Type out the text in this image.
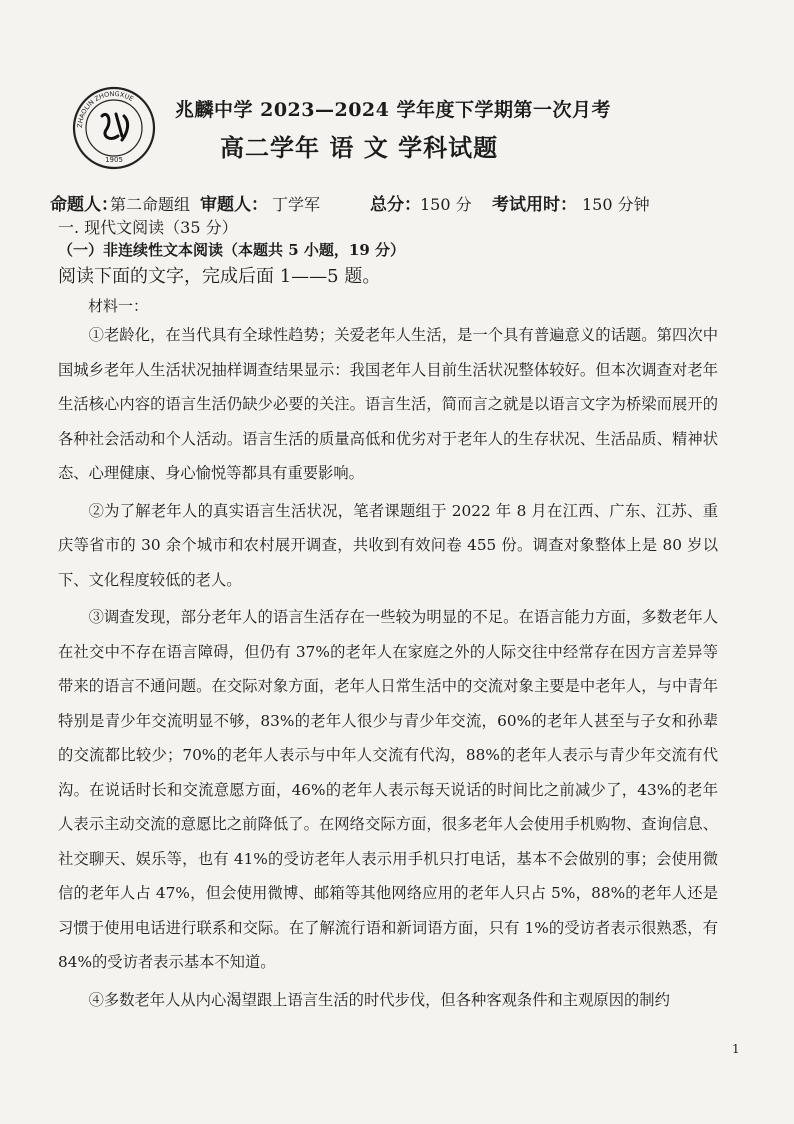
1905
ZHAOLIN ZHONGXUE
兆麟中学 2023—2024 学年度下学期第一次月考
高二学年 语 文 学科试题
命题人：第二命题组 审题人： 丁学军	总分：150 分 考试用时： 150 分钟
一. 现代文阅读（35 分）
（一）非连续性文本阅读（本题共 5 小题，19 分）
阅读下面的文字，完成后面 1——5 题。
材料一：

①老龄化，在当代具有全球性趋势；关爱老年人生活，是一个具有普遍意义的话题。第四次中国城乡老年人生活状况抽样调查结果显示：我国老年人目前生活状况整体较好。但本次调查对老年生活核心内容的语言生活仍缺少必要的关注。语言生活，简而言之就是以语言文字为桥梁而展开的各种社会活动和个人活动。语言生活的质量高低和优劣对于老年人的生存状况、生活品质、精神状态、心理健康、身心愉悦等都具有重要影响。

②为了解老年人的真实语言生活状况，笔者课题组于 2022 年 8 月在江西、广东、江苏、重庆等省市的 30 余个城市和农村展开调查，共收到有效问卷 455 份。调查对象整体上是 80 岁以下、文化程度较低的老人。

③调查发现，部分老年人的语言生活存在一些较为明显的不足。在语言能力方面，多数老年人在社交中不存在语言障碍，但仍有 37%的老年人在家庭之外的人际交往中经常存在因方言差异等带来的语言不通问题。在交际对象方面，老年人日常生活中的交流对象主要是中老年人，与中青年特别是青少年交流明显不够，83%的老年人很少与青少年交流，60%的老年人甚至与子女和孙辈的交流都比较少；70%的老年人表示与中年人交流有代沟，88%的老年人表示与青少年交流有代沟。在说话时长和交流意愿方面，46%的老年人表示每天说话的时间比之前减少了，43%的老年人表示主动交流的意愿比之前降低了。在网络交际方面，很多老年人会使用手机购物、查询信息、社交聊天、娱乐等，也有 41%的受访老年人表示用手机只打电话，基本不会做别的事；会使用微信的老年人占 47%，但会使用微博、邮箱等其他网络应用的老年人只占 5%，88%的老年人还是习惯于使用电话进行联系和交际。在了解流行语和新词语方面，只有 1%的受访者表示很熟悉，有 84%的受访者表示基本不知道。

④多数老年人从内心渴望跟上语言生活的时代步伐，但各种客观条件和主观原因的制约

1
